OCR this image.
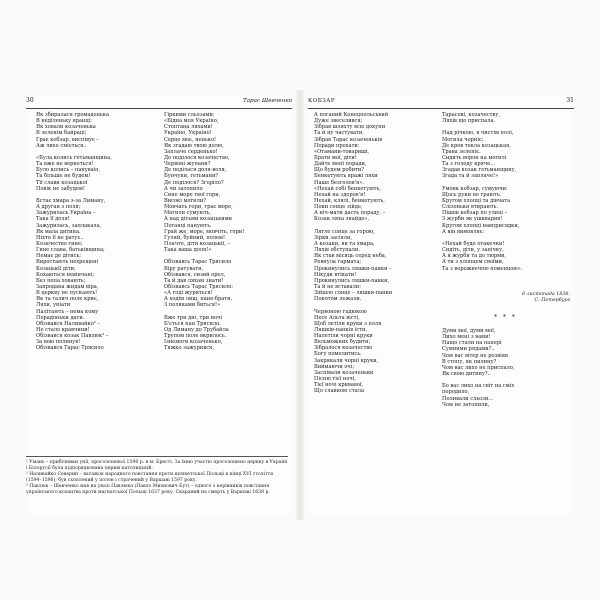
30	Тарас Шевченко
Як збиралася громадонька
В неділеньку вранці;
Як ховали козаченька
В зеленім байраці;
Грае кобзар, виспівує –
Аж лихо сміється..
«Була колись гетьманщина,
Та вже не вернеться!
Було колись – пануваіо,
Та більше не будем!
Тії слави козацької
Повік не забудем!
Встає хмара з-за Лиману,
А другая з поля;
Зажурилась Україна –
Така її доля!
Зажурилась, заплакала,
Як мала дитина.
Ніхто її не ратує..
Козачество гине;
Гине слава, батьківщина;
Немає де дітись;
Виростають нехрещені
Козацькії діти;
Кохаються невінчані;
Без попа ховають;
Запродана жидам віра,
В церкву не пускають!
Як та галич поле криє,
Ляхи, уніати
Налітають – нема кому
Порадоньки дати.
Обізвався Наливайко² –
Не стало кравчини!
Обізвався козак Павлюк³ –
За вою полинув!
Обізвався Тарас Трясило
Гіркими сльозами:
«Бідна моя Україно,
Стоптана ляхами!
Україно, Україно!
Серце моє, ненько!
Як згадаю твою долю,
Заплаче серденько!
Де поділося козачество,
Червоні жупани?
Де поділася доля-воля,
Бунчуки, гетьмани?
Де поділося? Згоріло?
А чи затопило
Сине море твої гори,
Високі могили?
Мовчать гори, грає море,
Могили сумують,
А над дітьми козацькими
Поганці панують.
Грай же, море, мовчіть, гори!
Гуляй, буйний, полем!
Плачте, діти козацькії, –
Така ваша доля!»
Обізвавсь Тарас Трясило
Віру ратувати,
Обізвався, сизий орел,
Та й дав ляхам знати!
Обізвавсь Тарас Трясило:
«А годі журиться!
А ходім лиш, пане-брати,
З поляками биться!»
Вже три дні, три ночі
Б'ється пан Трясило.
Од Лиману до Трубайла
Трупом поле вкрилось.
Ізнемоги козаченько,
Тяжко зажурився,
¹ Умань – прибічники унії, проголошеної 1596 р. в м. Бресті. За їхню участю проголошено церкву в Україні і Білорусії була підпорядкована церкві католицькій.
² Наливайко Северин – ватажок народного повстання проти шляхетської Польщі в кінці XVI століття (1594–1596); був схоплений у полон і страчений у Варшаві 1597 року.
³ Павлюк – Шевченко мав на увазі Павлюка (Павло Михнович Бут) – одного з керівників повстання українського козацтва проти магнатської Польщі 1637 року. Скараний на смерть у Варшаві 1638 р.
КОБЗАР	31
А поганий Конецпольський
Дуже звеселився;
Зібрав шляхту всю докупи
Та й ну частувати.
Зібрав Тарас козаченьків
Поради прохати:
«Отамани-товариші,
Брати мої, діти!
Дайте мені поради,
Що будем робити?
Бенкетують вражі ляхи
Наше безголов'я».
«Нехай собі бенкетують,
Нехай на здоров'я!
Нехай, клялі, бенкетують,
Поки сонце зійде,
А ніч-мати дасть пораду, –
Козак ляха знайде».
Лягло сонце за горою,
Зірки засіяли,
А козаки, як та хмара,
Ляхів обступали.
Як став місяць серед неба,
Ревнула гармата;
Прокинулись ляшки-панки –
Нікуди втікати!
Прокинулись ляшки-панки,
Та й не вставали:
Зійшло сонце – ляшки-панки
Покотом лежали.
Червоною гадюкою
Несе Альта вісті,
Щоб летіли круки з поля
Ляшків-панків їсти.
Налетіли чорні круки
Вельможних будити;
Зібралося козачество
Богу помолитись.
Закрякали чорні круки,
Виймаючи очі;
Заспівали козаченьки
Пісню тієї ночі,
Тієї ночі кривавої,
Що славною стала
Тарасові, козачеству,
Ляхів що приспала.
Над річкою, в чистім полі,
Могила чорніє;
Де кров текла козацькая,
Трава зеленіє.
Сидить ворон на могилі
Та з голоду кряче...
Згадав козак гетьманщину,
Згада та й заплаче!»
Умовк кобзар, сумуючи:
Щось руки не грають.
Кругом хлопці та дівчата
Слізоньки втирають.
Пішов кобзар по улиці –
З журби як ушкварив!
Кругом хлопці навприсядки,
А він вимовляє:
«Нехай буде отакечки!
Сидіть, діти, у запічку,
А я журби та до тюрми,
А ти з хлопцем своїми,
Та з ворожнечою помєнцою».
6 листопада 1838,
С.-Петербург
* * *
Думи мої, думи мої,
Лихо мені з вами!
Нащо стали на папері
Сумними рядами?..
Чом вас вітер не розвіяв
В степу, як пилину?
Чом вас лихо не приспало,
Як свою дитину?..
Бо вас лихо на світ на сміх
породило,
Поливали сльози...
Чом не затопили,
